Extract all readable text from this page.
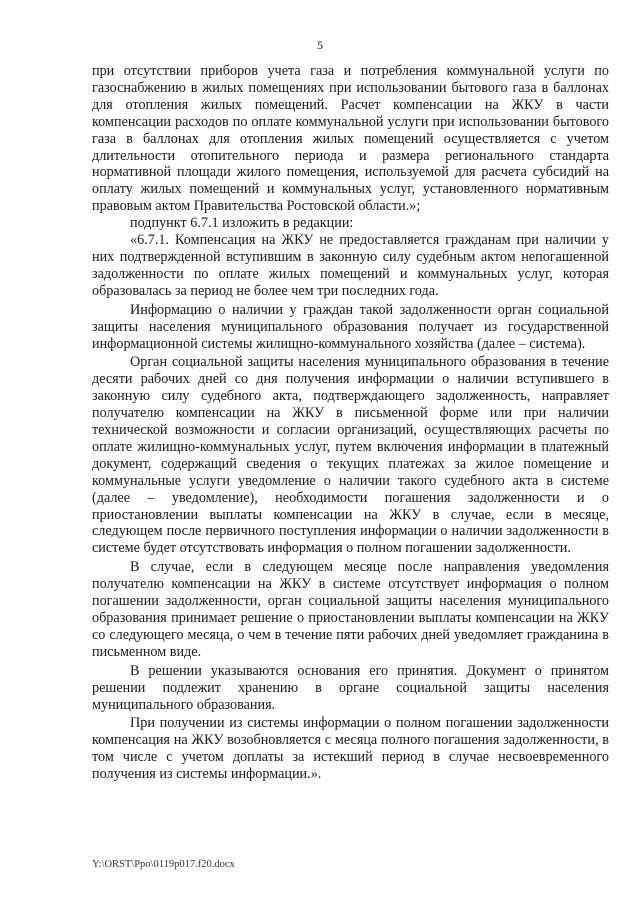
5

при отсутствии приборов учета газа и потребления коммунальной услуги по газоснабжению в жилых помещениях при использовании бытового газа в баллонах для отопления жилых помещений. Расчет компенсации на ЖКУ в части компенсации расходов по оплате коммунальной услуги при использовании бытового газа в баллонах для отопления жилых помещений осуществляется с учетом длительности отопительного периода и размера регионального стандарта нормативной площади жилого помещения, используемой для расчета субсидий на оплату жилых помещений и коммунальных услуг, установленного нормативным правовым актом Правительства Ростовской области.»;

подпункт 6.7.1 изложить в редакции:

«6.7.1. Компенсация на ЖКУ не предоставляется гражданам при наличии у них подтвержденной вступившим в законную силу судебным актом непогашенной задолженности по оплате жилых помещений и коммунальных услуг, которая образовалась за период не более чем три последних года.

Информацию о наличии у граждан такой задолженности орган социальной защиты населения муниципального образования получает из государственной информационной системы жилищно-коммунального хозяйства (далее – система).

Орган социальной защиты населения муниципального образования в течение десяти рабочих дней со дня получения информации о наличии вступившего в законную силу судебного акта, подтверждающего задолженность, направляет получателю компенсации на ЖКУ в письменной форме или при наличии технической возможности и согласии организаций, осуществляющих расчеты по оплате жилищно-коммунальных услуг, путем включения информации в платежный документ, содержащий сведения о текущих платежах за жилое помещение и коммунальные услуги уведомление о наличии такого судебного акта в системе (далее – уведомление), необходимости погашения задолженности и о приостановлении выплаты компенсации на ЖКУ в случае, если в месяце, следующем после первичного поступления информации о наличии задолженности в системе будет отсутствовать информация о полном погашении задолженности.

В случае, если в следующем месяце после направления уведомления получателю компенсации на ЖКУ в системе отсутствует информация о полном погашении задолженности, орган социальной защиты населения муниципального образования принимает решение о приостановлении выплаты компенсации на ЖКУ со следующего месяца, о чем в течение пяти рабочих дней уведомляет гражданина в письменном виде.

В решении указываются основания его принятия. Документ о принятом решении подлежит хранению в органе социальной защиты населения муниципального образования.

При получении из системы информации о полном погашении задолженности компенсация на ЖКУ возобновляется с месяца полного погашения задолженности, в том числе с учетом доплаты за истекший период в случае несвоевременного получения из системы информации.».

Y:\ORST\Ppo\0119p017.f20.docx
